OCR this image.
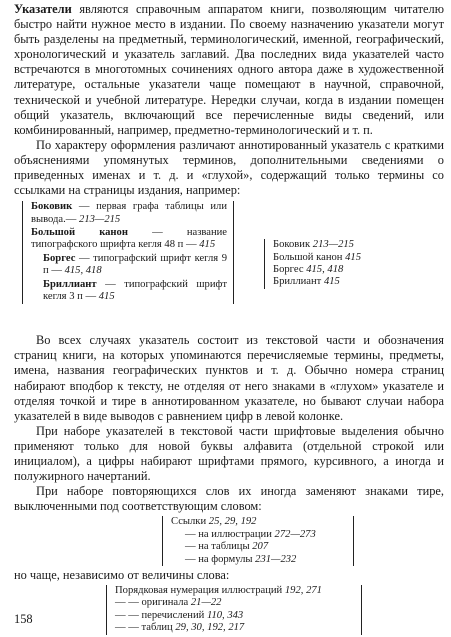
Указатели являются справочным аппаратом книги, позволяющим читателю быстро найти нужное место в издании. По своему назначению указатели могут быть разделены на предметный, терминологический, именной, географический, хронологический и указатель заглавий. Два последних вида указателей часто встречаются в многотомных сочинениях одного автора даже в художественной литературе, остальные указатели чаще помещают в научной, справочной, технической и учебной литературе. Нередки случаи, когда в издании помещен общий указатель, включающий все перечисленные виды сведений, или комбинированный, например, предметно-терминологический и т. п.

По характеру оформления различают аннотированный указатель с краткими объяснениями упомянутых терминов, дополнительными сведениями о приведенных именах и т. д. и «глухой», содержащий только термины со ссылками на страницы издания, например:

Боковик — первая графа таблицы или вывода.— 213—215
Большой канон — название типографского шрифта кегля 48 п — 415
Боргес — типографский шрифт кегля 9 п — 415, 418
Бриллиант — типографский шрифт кегля 3 п — 415
Боковик 213—215
Большой канон 415
Боргес 415, 418
Бриллиант 415

Во всех случаях указатель состоит из текстовой части и обозначения страниц книги, на которых упоминаются перечисляемые термины, предметы, имена, названия географических пунктов и т. д. Обычно номера страниц набирают вподбор к тексту, не отделяя от него знаками в «глухом» указателе и отделяя точкой и тире в аннотированном указателе, но бывают случаи набора указателей в виде выводов с равнением цифр в левой колонке.

При наборе указателей в текстовой части шрифтовые выделения обычно применяют только для новой буквы алфавита (отдельной строкой или инициалом), а цифры набирают шрифтами прямого, курсивного, а иногда и полужирного начертаний.

При наборе повторяющихся слов их иногда заменяют знаками тире, выключенными под соответствующим словом:

Ссылки 25, 29, 192
— на иллюстрации 272—273
— на таблицы 207
— на формулы 231—232

но чаще, независимо от величины слова:

Порядковая нумерация иллюстраций 192, 271
— — оригинала 21—22
— — перечислений 110, 343
— — таблиц 29, 30, 192, 217
158
